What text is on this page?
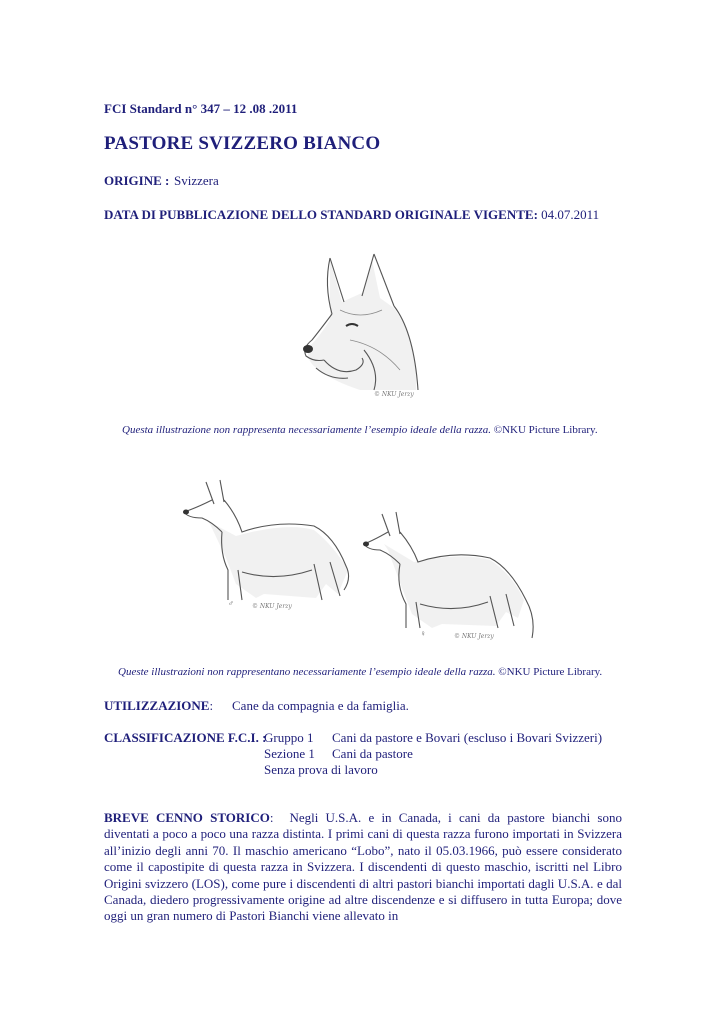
FCI Standard n° 347 – 12 .08 .2011
PASTORE SVIZZERO BIANCO
ORIGINE : Svizzera
DATA DI PUBBLICAZIONE DELLO STANDARD ORIGINALE VIGENTE: 04.07.2011
© NKU Jerzy
Questa illustrazione non rappresenta necessariamente l’esempio ideale della razza. ©NKU Picture Library.
© NKU Jerzy
♂
© NKU Jerzy
♀
Queste illustrazioni non rappresentano necessariamente l’esempio ideale della razza. ©NKU Picture Library.
UTILIZZAZIONE: Cane da compagnia e da famiglia.
CLASSIFICAZIONE F.C.I. :Gruppo 1 Cani da pastore e Bovari (escluso i Bovari Svizzeri)
Sezione 1 Cani da pastore
Senza prova di lavoro

BREVE CENNO STORICO: Negli U.S.A. e in Canada, i cani da pastore bianchi sono diventati a poco a poco una razza distinta. I primi cani di questa razza furono importati in Svizzera all’inizio degli anni 70. Il maschio americano “Lobo”, nato il 05.03.1966, può essere considerato come il capostipite di questa razza in Svizzera. I discendenti di questo maschio, iscritti nel Libro Origini svizzero (LOS), come pure i discendenti di altri pastori bianchi importati dagli U.S.A. e dal Canada, diedero progressivamente origine ad altre discendenze e si diffusero in tutta Europa; dove oggi un gran numero di Pastori Bianchi viene allevato in
